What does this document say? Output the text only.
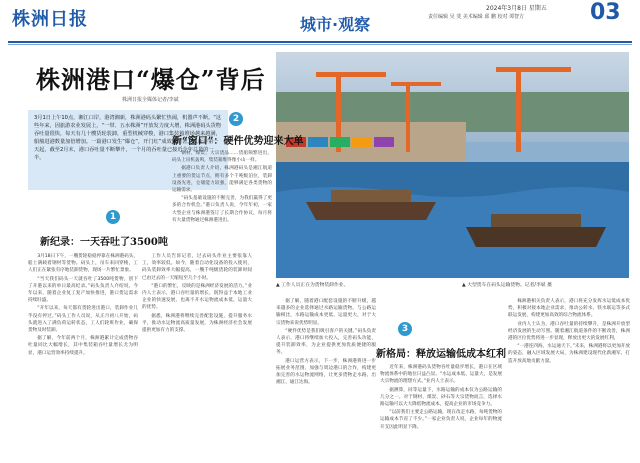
株洲日报	城市·观察
2024年3月8日 星期五
责任编辑 吴 斐 美术编辑 邱 鹏 校对 谭智方	03
株洲港口“爆仓”背后
株洲日报全媒体记者/李斌
3月1日上午10点，湘江口岸，港湾湘新，株洲港码头繁忙热闹，机器声不断。“这些年来，因旅游农业发展上，“一带、五水株洲”开放发力度大增，株洲港码头货物吞吐量很快，每天有几十艘货轮装卸，重型机械穿梭，港口集装箱堆场越来越满，船舶进港数量加倍增加。一篇港口发生“爆仓”，开门红”成效很显著。从新年第一天起，截至2月末，港口吞吐量不断攀升，一个月的吞吐量已接近全年总量的一半。
▲ 工作人员正在为货物装卸作业。	▲ 大型货车在码头运输货物。记者/李斌 摄
1
新纪录：一天吞吐了3500吨

3月18日下午，一艘货轮稳稳停靠在株洲港码头，船上满载着钢材等货物。码头上，吊车来回穿梭，工人们正在紧张有序地装卸货物，现场一片繁忙景象。

“当天我们码头一天就吞吐了3500吨货物，创下了开港以来的单日最高纪录。”码头负责人介绍说，今年以来，随着企业复工复产加快推进，港口货运需求持续旺盛。

“开年以来，每天都有货轮进出港口，装卸作业几乎没有停过。”码头工作人员说，从正月初八开始，码头就进入了满负荷运转状态，工人们轮班作业，确保货物及时装卸。

据了解，今年前两个月，株洲港累计完成货物吞吐量同比大幅增长，其中集装箱吞吐量增长尤为明显，港口运营效率持续提升。

工作人员告诉记者，过去码头作业主要依靠人工，效率较低。如今，随着自动化设备的投入使用，码头装卸效率大幅提高，一艘千吨级货轮的装卸时间已由过去的一天缩短至几个小时。

“港口的繁忙，反映的是株洲经济发展的活力。”业内人士表示，港口吞吐量的增长，既得益于本地工业企业的快速发展，也离不开水运物流成本低、运量大的优势。

据悉，株洲港将继续完善配套设施，提升服务水平，推动水运物流高质量发展，为株洲经济社会发展提供更加有力的支撑。

2
新“窗口”：硬件优势迎来大单

钢材、煤炭、大宗货品……货船频繁进出，码头上吊机轰鸣，集装箱堆得像小山一样。

据港口负责人介绍，株洲港码头是湘江航道上重要的货运节点，拥有多个千吨级泊位，装卸设备先进，仓储能力较强，能够满足各类货物的运输需求。

“码头基础设施的不断完善，为我们赢得了更多的合作机会。”港口负责人说，今年年初，一家大型企业与株洲港签订了长期合作协议，每月将有大量货物通过株洲港进出。

据了解，随着港口配套设施的不断升级，越来越多的企业选择通过水路运输货物。与公路运输相比，水路运输成本更低、运量更大，对于大宗货物来说优势明显。

“硬件优势是我们吸引客户的关键。”码头负责人表示，港口将继续加大投入，完善码头功能，提升装卸效率，为企业提供更加优质便捷的服务。

港口运营方表示，下一步，株洲港将进一步拓展业务范围，加强与周边港口的合作，构建更加完善的水运物流网络，让更多货物走水路、出湘江、通江达海。

3
新格局：释放运输低成本红利

近年来，株洲港码头货物吞吐量稳步增长，港口在区域物流体系中的地位日益凸显。“水运成本低、运量大，是发展大宗物流的理想方式。”业内人士表示。

据测算，同等运量下，水路运输的成本仅为公路运输的几分之一。对于钢材、煤炭、砂石等大宗货物而言，选择水路运输可以大大降低物流成本，提高企业的市场竞争力。

“以前我们主要走公路运输，现在改走水路，每吨货物的运输成本节省了不少。”一家企业负责人说，企业每年的物流开支因此明显下降。

株洲港相关负责人表示，港口将充分发挥水运低成本优势，积极对接本地企业需求，推动公转水、铁水联运等多式联运发展，构建更加高效的综合物流体系。

业内人士认为，港口吞吐量的持续攀升，是株洲开放型经济发展的生动写照。随着湘江航道条件的不断改善，株洲港的区位优势将进一步显现，释放出更大的发展红利。

“一港连四海，水运通天下。”未来，株洲港将以更加开放的姿态，融入区域发展大局，为株洲建设现代化新湘军、打造开放高地贡献力量。
